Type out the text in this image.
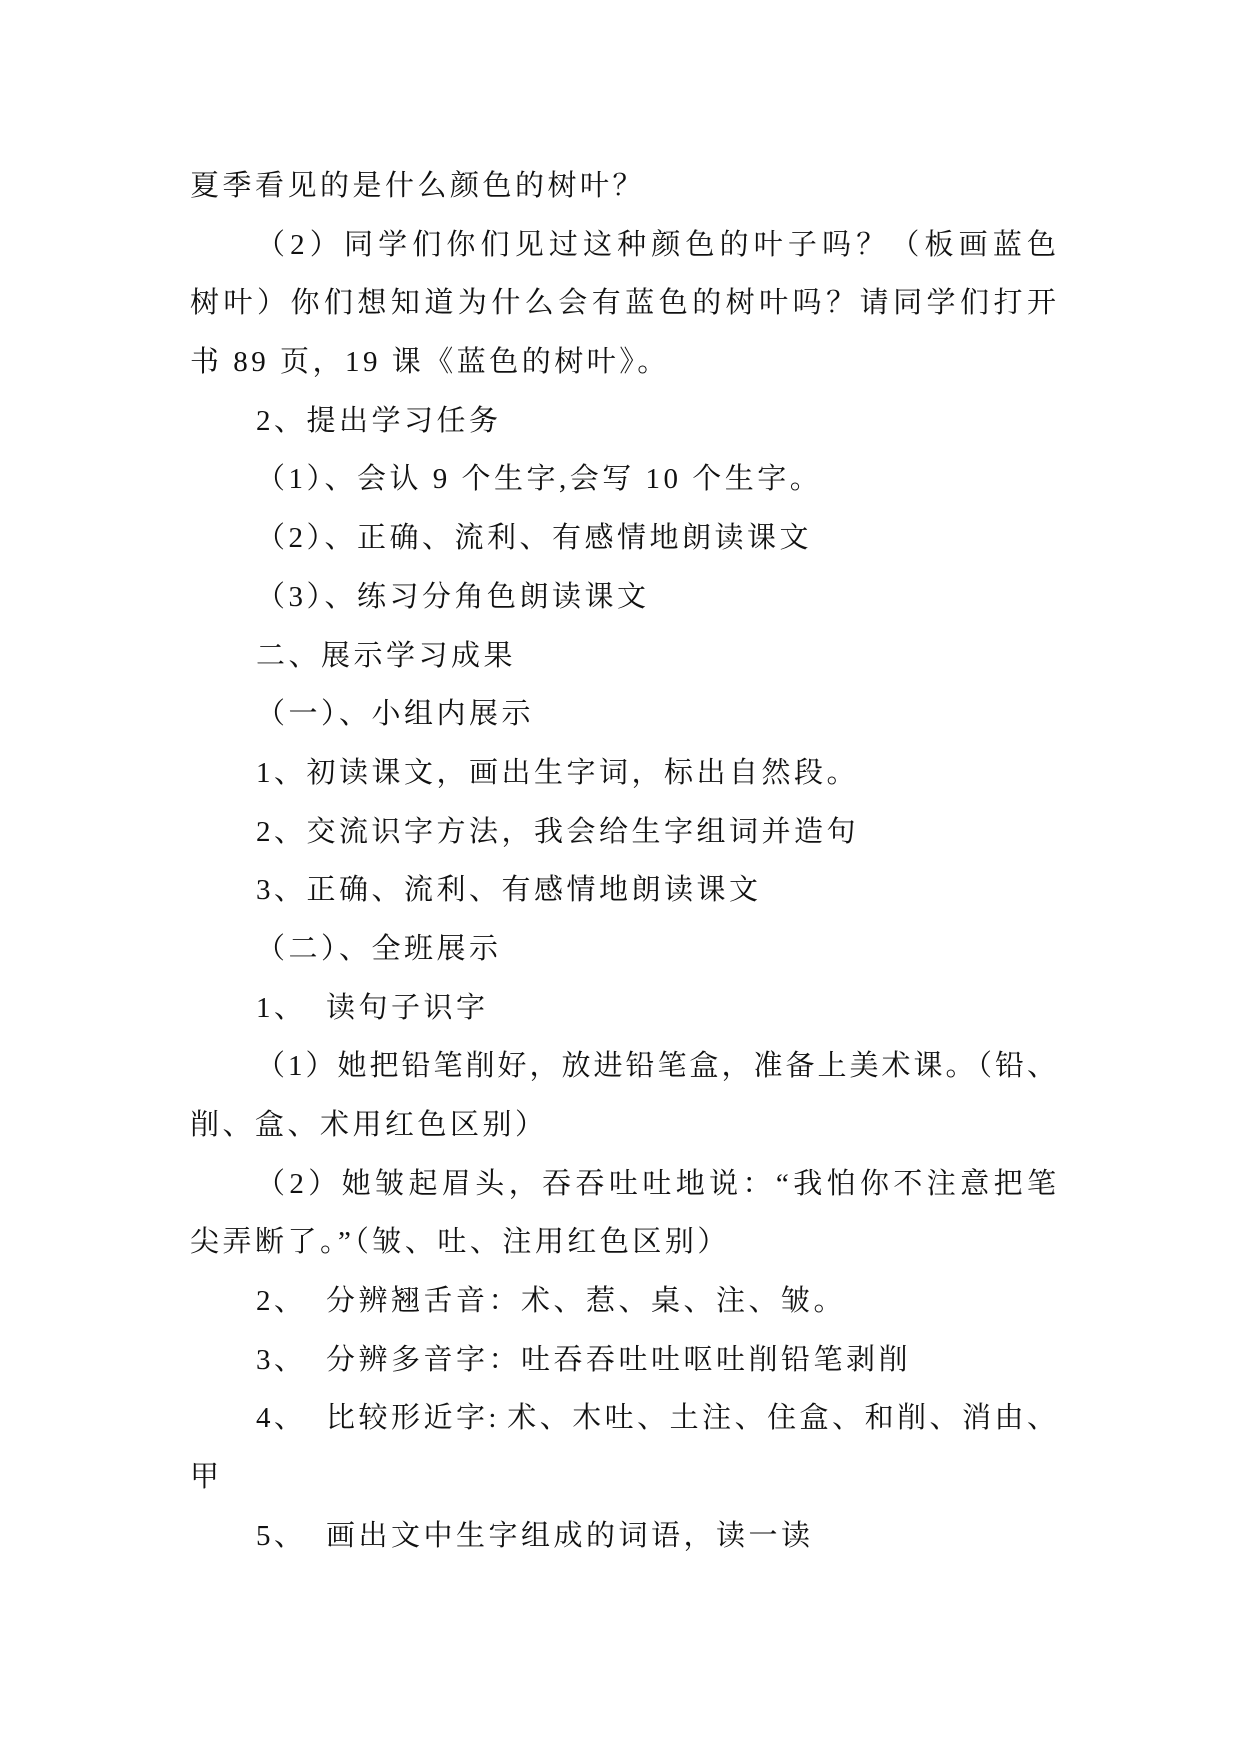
夏季看见的是什么颜色的树叶？
（2）同学们你们见过这种颜色的叶子吗？（板画蓝色
树叶）你们想知道为什么会有蓝色的树叶吗？请同学们打开
书 89 页，19 课《蓝色的树叶》。
2、提出学习任务
（1）、会认 9 个生字,会写 10 个生字。
（2）、正确、流利、有感情地朗读课文
（3）、练习分角色朗读课文
二、展示学习成果
（一）、小组内展示
1、初读课文，画出生字词，标出自然段。
2、交流识字方法，我会给生字组词并造句
3、正确、流利、有感情地朗读课文
（二）、全班展示
1、 读句子识字
（1）她把铅笔削好，放进铅笔盒，准备上美术课。（铅、
削、盒、术用红色区别）
（2）她皱起眉头，吞吞吐吐地说：“我怕你不注意把笔
尖弄断了。”（皱、吐、注用红色区别）
2、 分辨翘舌音：术、惹、桌、注、皱。
3、 分辨多音字：吐吞吞吐吐呕吐削铅笔剥削
4、 比较形近字: 术、木吐、土注、住盒、和削、消由、
甲
5、 画出文中生字组成的词语，读一读
